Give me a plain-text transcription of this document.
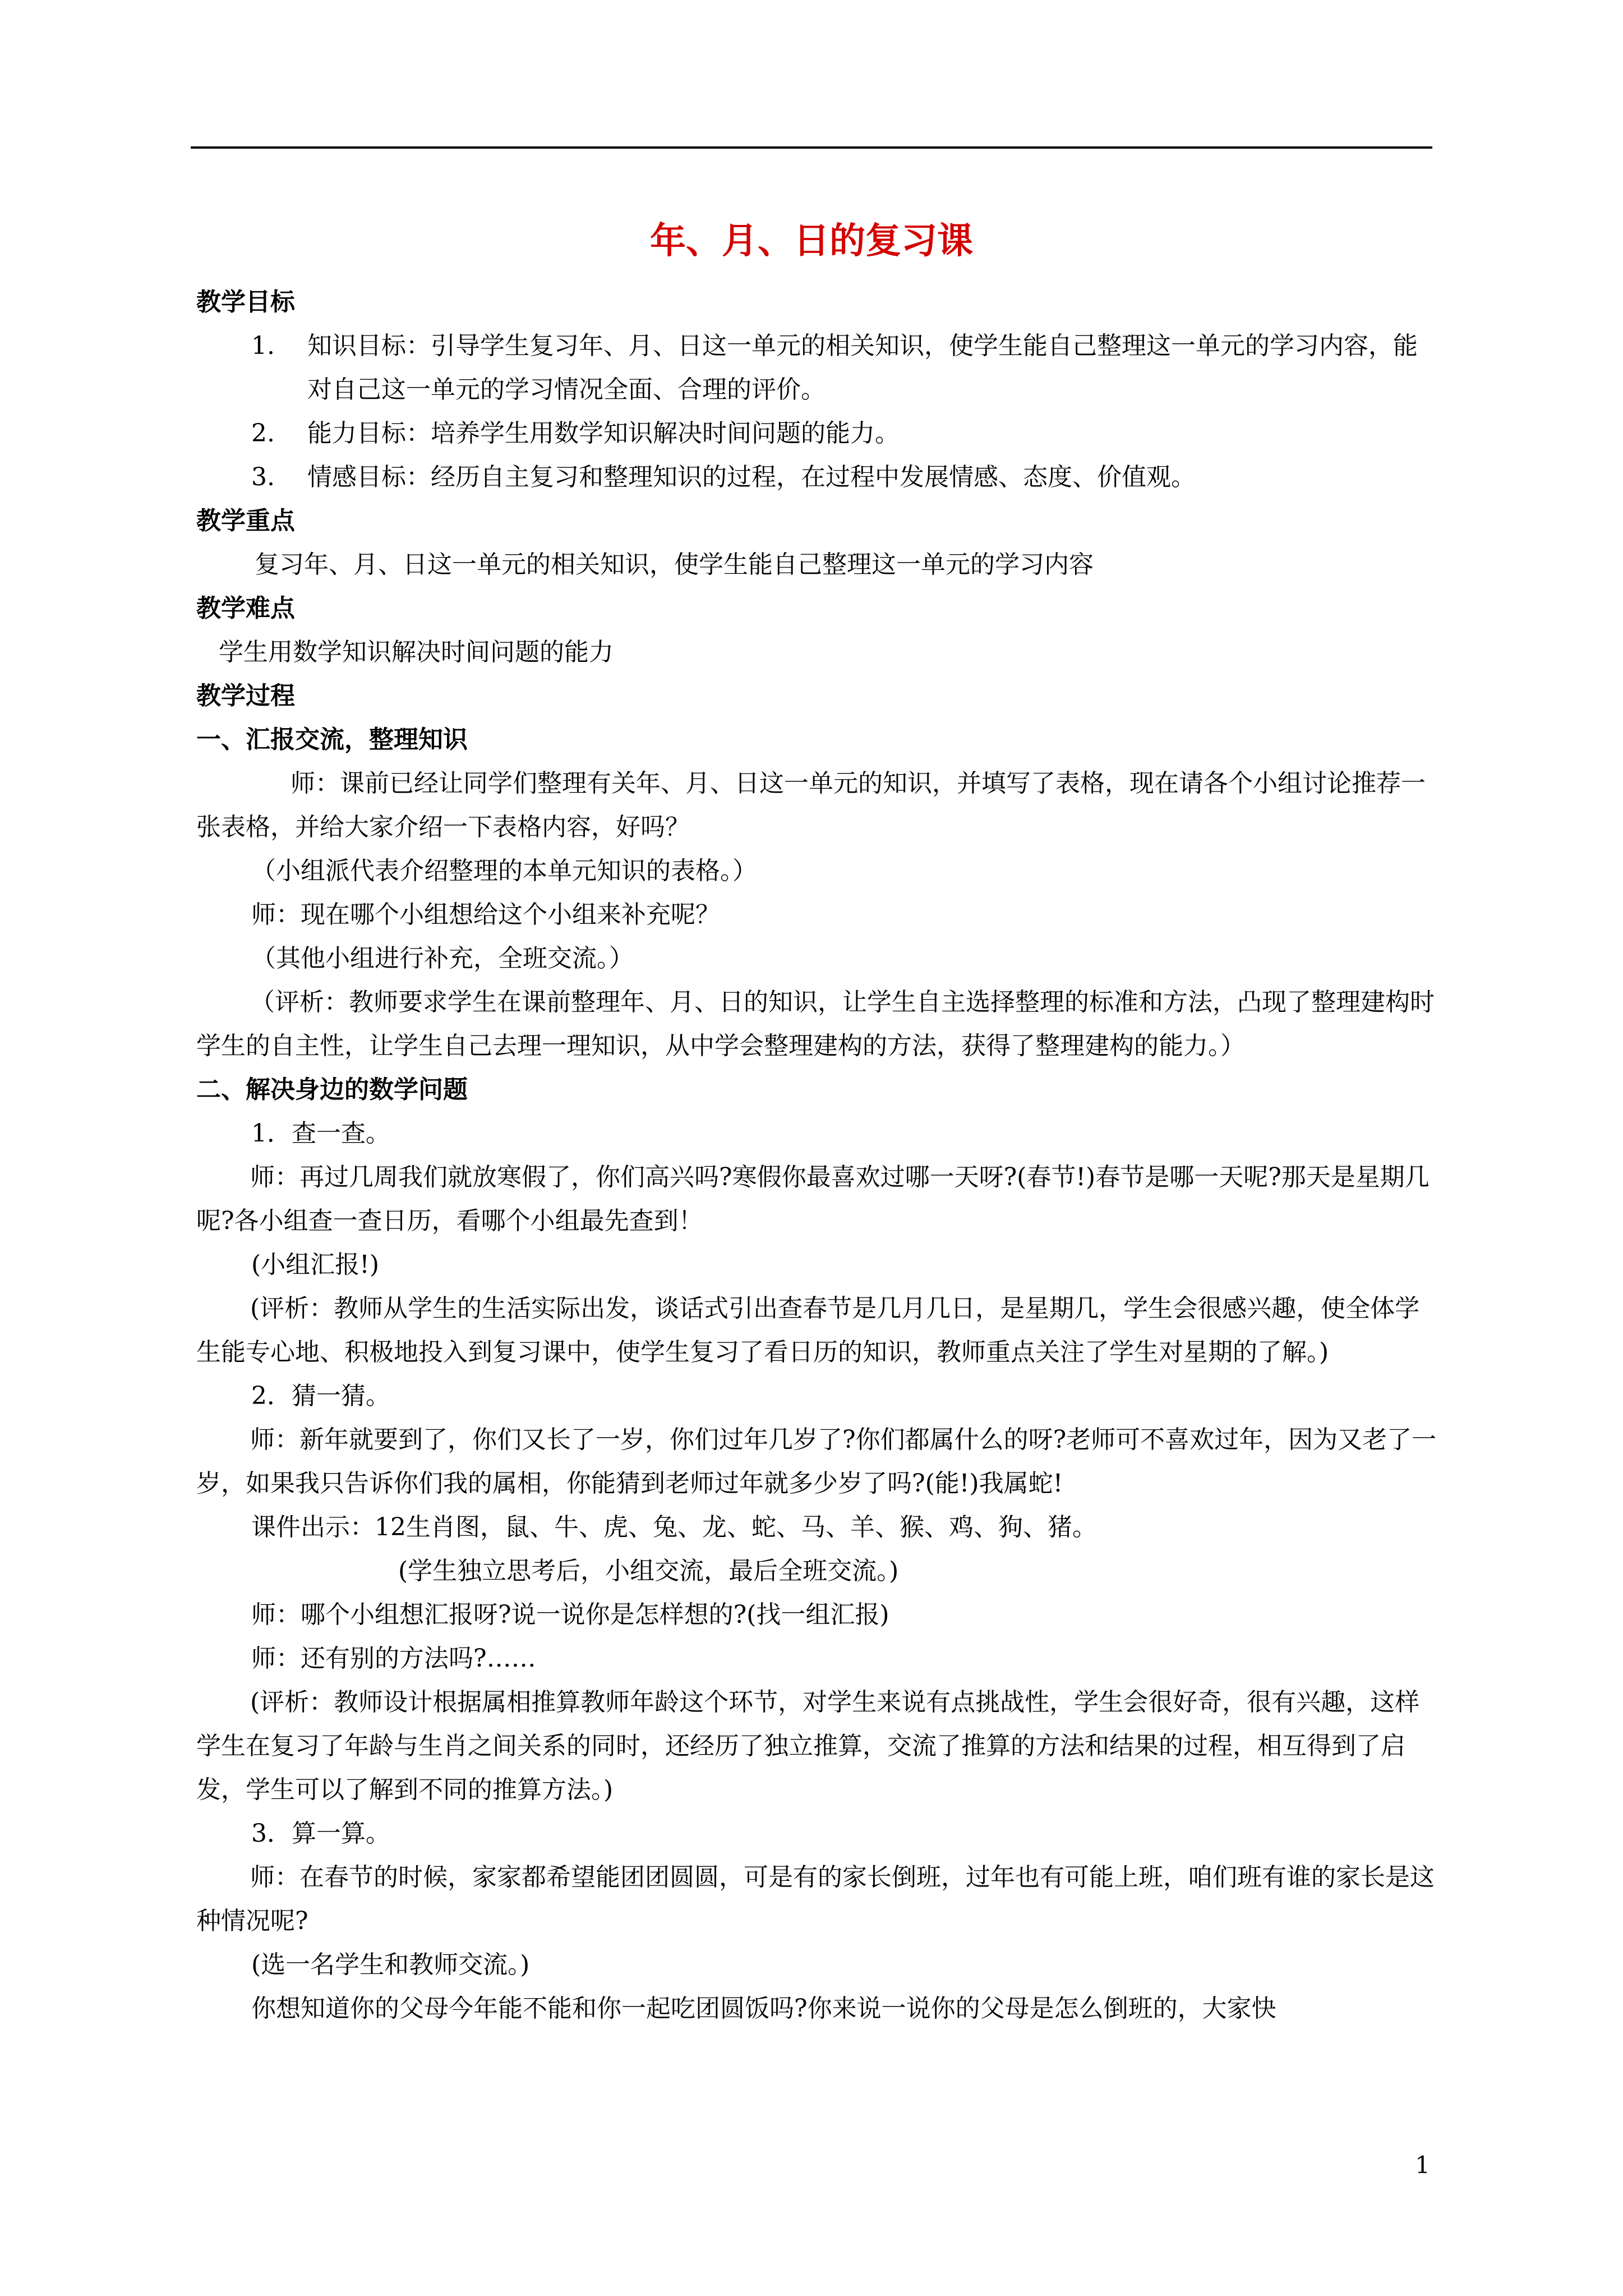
年、月、日的复习课

教学目标

1.	知识目标：引导学生复习年、月、日这一单元的相关知识，使学生能自己整理这一单元的学习内容，能对自己这一单元的学习情况全面、合理的评价。
2.	能力目标：培养学生用数学知识解决时间问题的能力。
3.	情感目标：经历自主复习和整理知识的过程，在过程中发展情感、态度、价值观。

教学重点

复习年、月、日这一单元的相关知识，使学生能自己整理这一单元的学习内容

教学难点

学生用数学知识解决时间问题的能力

教学过程

一、汇报交流，整理知识

师：课前已经让同学们整理有关年、月、日这一单元的知识，并填写了表格，现在请各个小组讨论推荐一张表格，并给大家介绍一下表格内容，好吗？

（小组派代表介绍整理的本单元知识的表格。）

师：现在哪个小组想给这个小组来补充呢？

（其他小组进行补充，全班交流。）

（评析：教师要求学生在课前整理年、月、日的知识，让学生自主选择整理的标准和方法，凸现了整理建构时学生的自主性，让学生自己去理一理知识，从中学会整理建构的方法，获得了整理建构的能力。）

二、解决身边的数学问题

1．查一查。

师：再过几周我们就放寒假了，你们高兴吗?寒假你最喜欢过哪一天呀?(春节!)春节是哪一天呢?那天是星期几呢?各小组查一查日历，看哪个小组最先查到！

(小组汇报!)

(评析：教师从学生的生活实际出发，谈话式引出查春节是几月几日，是星期几，学生会很感兴趣，使全体学生能专心地、积极地投入到复习课中，使学生复习了看日历的知识，教师重点关注了学生对星期的了解。)

2．猜一猜。

师：新年就要到了，你们又长了一岁，你们过年几岁了?你们都属什么的呀?老师可不喜欢过年，因为又老了一岁，如果我只告诉你们我的属相，你能猜到老师过年就多少岁了吗?(能!)我属蛇!

课件出示：12生肖图，鼠、牛、虎、兔、龙、蛇、马、羊、猴、鸡、狗、猪。

(学生独立思考后，小组交流，最后全班交流。)

师：哪个小组想汇报呀?说一说你是怎样想的?(找一组汇报)

师：还有别的方法吗?……

(评析：教师设计根据属相推算教师年龄这个环节，对学生来说有点挑战性，学生会很好奇，很有兴趣，这样学生在复习了年龄与生肖之间关系的同时，还经历了独立推算，交流了推算的方法和结果的过程，相互得到了启发，学生可以了解到不同的推算方法。)

3．算一算。

师：在春节的时候，家家都希望能团团圆圆，可是有的家长倒班，过年也有可能上班，咱们班有谁的家长是这种情况呢?

(选一名学生和教师交流。)

你想知道你的父母今年能不能和你一起吃团圆饭吗?你来说一说你的父母是怎么倒班的，大家快

1
